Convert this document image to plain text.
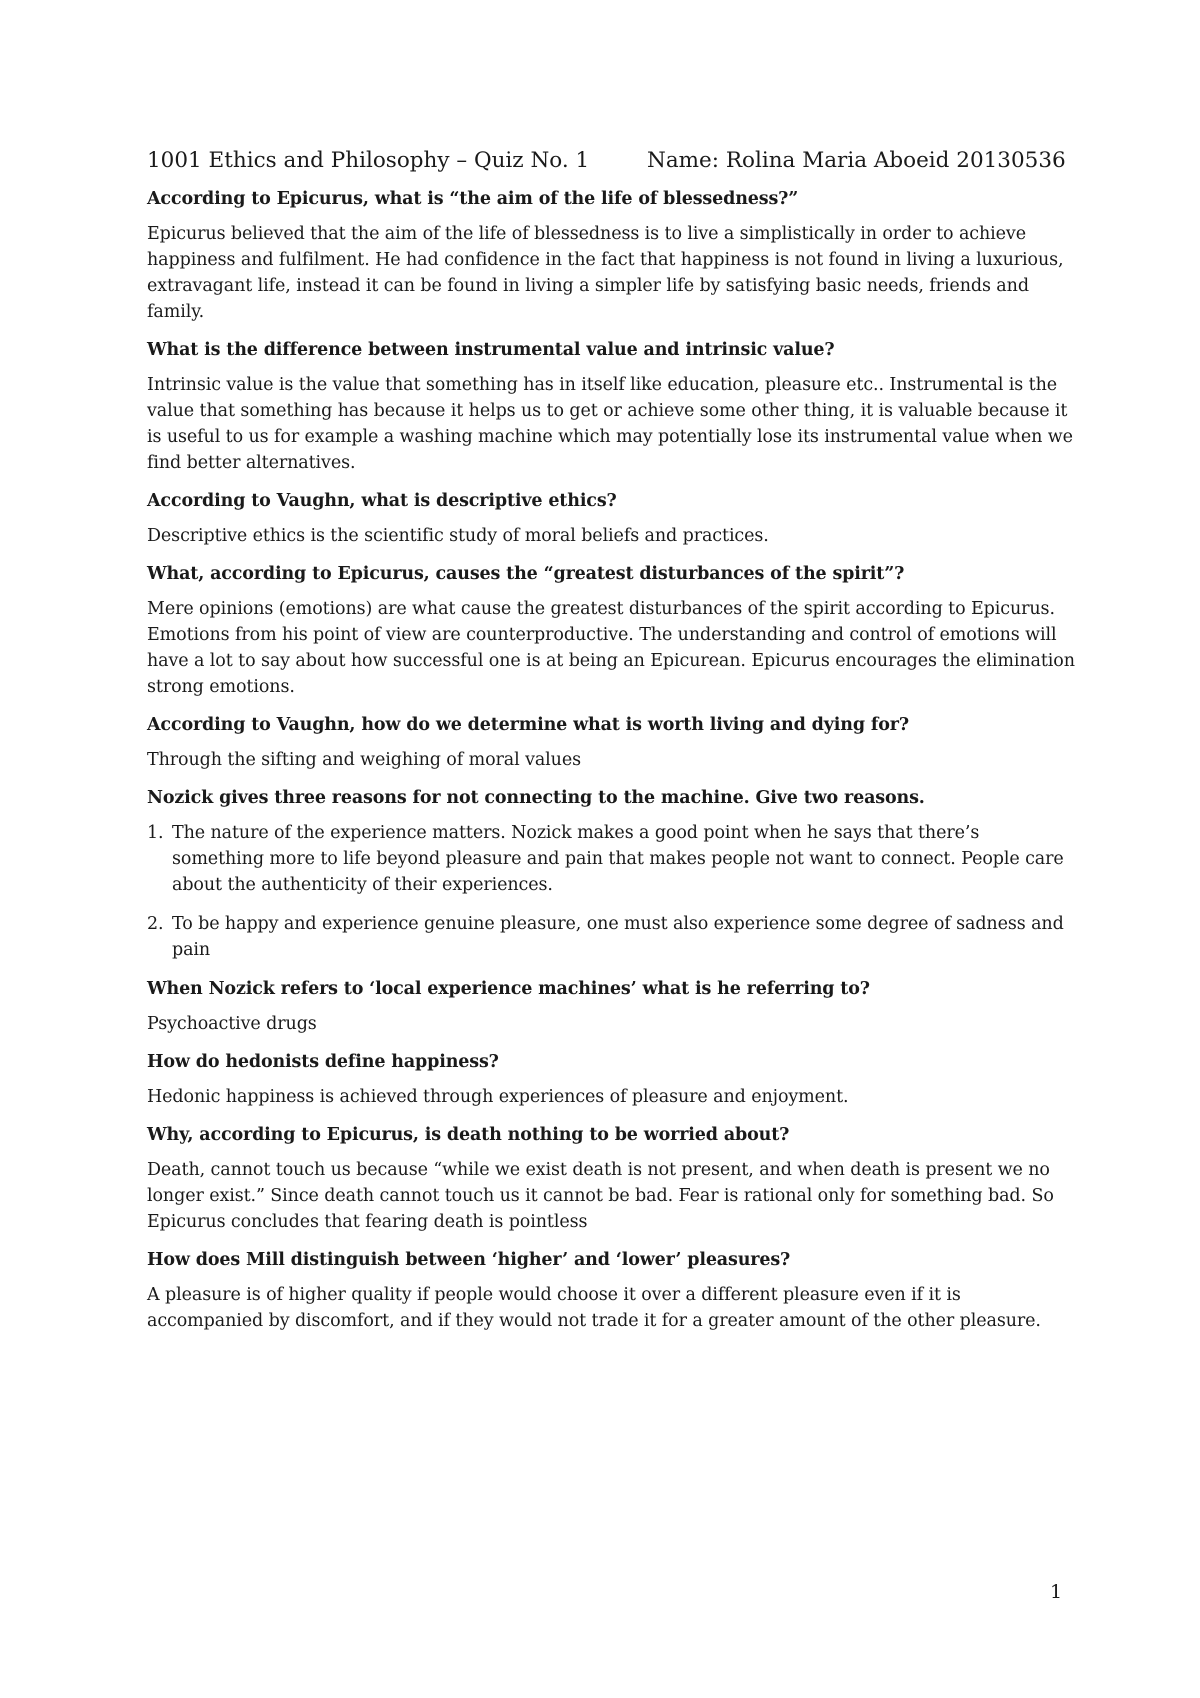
1001 Ethics and Philosophy – Quiz No. 1	Name: Rolina Maria Aboeid 20130536

According to Epicurus, what is “the aim of the life of blessedness?”

Epicurus believed that the aim of the life of blessedness is to live a simplistically in order to achieve happiness and fulfilment. He had confidence in the fact that happiness is not found in living a luxurious, extravagant life, instead it can be found in living a simpler life by satisfying basic needs, friends and family.

What is the difference between instrumental value and intrinsic value?

Intrinsic value is the value that something has in itself like education, pleasure etc.. Instrumental is the value that something has because it helps us to get or achieve some other thing, it is valuable because it is useful to us for example a washing machine which may potentially lose its instrumental value when we find better alternatives.

According to Vaughn, what is descriptive ethics?

Descriptive ethics is the scientific study of moral beliefs and practices.

What, according to Epicurus, causes the “greatest disturbances of the spirit”?

Mere opinions (emotions) are what cause the greatest disturbances of the spirit according to Epicurus. Emotions from his point of view are counterproductive. The understanding and control of emotions will have a lot to say about how successful one is at being an Epicurean. Epicurus encourages the elimination strong emotions.

According to Vaughn, how do we determine what is worth living and dying for?

Through the sifting and weighing of moral values

Nozick gives three reasons for not connecting to the machine. Give two reasons.

1. The nature of the experience matters. Nozick makes a good point when he says that there’s something more to life beyond pleasure and pain that makes people not want to connect. People care about the authenticity of their experiences.
2. To be happy and experience genuine pleasure, one must also experience some degree of sadness and pain

When Nozick refers to ‘local experience machines’ what is he referring to?

Psychoactive drugs

How do hedonists define happiness?

Hedonic happiness is achieved through experiences of pleasure and enjoyment.

Why, according to Epicurus, is death nothing to be worried about?

Death, cannot touch us because “while we exist death is not present, and when death is present we no longer exist.” Since death cannot touch us it cannot be bad. Fear is rational only for something bad. So Epicurus concludes that fearing death is pointless

How does Mill distinguish between ‘higher’ and ‘lower’ pleasures?

A pleasure is of higher quality if people would choose it over a different pleasure even if it is accompanied by discomfort, and if they would not trade it for a greater amount of the other pleasure.

1
